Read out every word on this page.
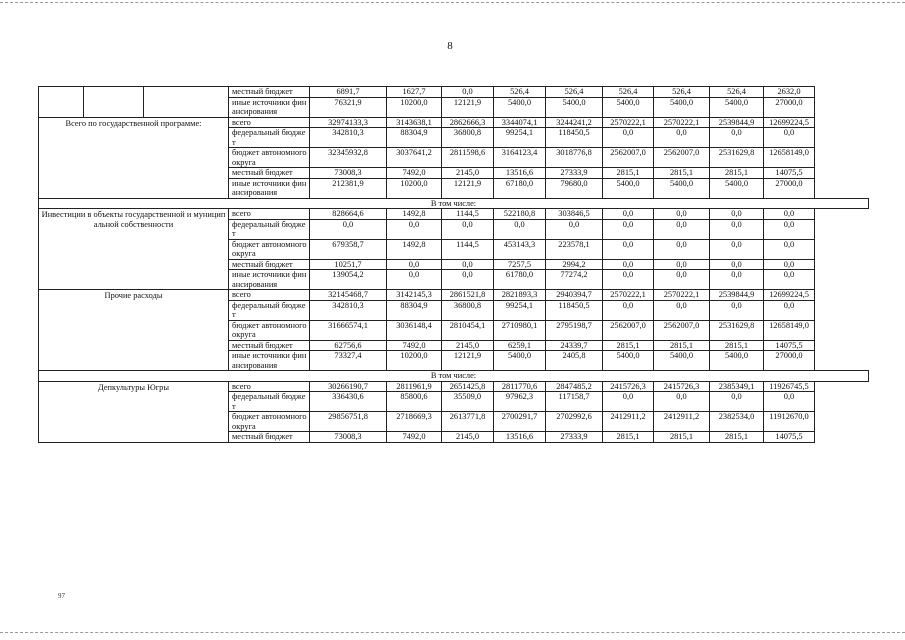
8
			местный бюджет	6891,7	1627,7	0,0	526,4	526,4	526,4	526,4	526,4	2632,0
			иные источники финансирования	76321,9	10200,0	12121,9	5400,0	5400,0	5400,0	5400,0	5400,0	27000,0
Всего по государственной программе:			всего	32974133,3	3143638,1	2862666,3	3344074,1	3244241,2	2570222,1	2570222,1	2539844,9	12699224,5
			федеральный бюджет	342810,3	88304,9	36800,8	99254,1	118450,5	0,0	0,0	0,0	0,0
			бюджет автономного округа	32345932,8	3037641,2	2811598,6	3164123,4	3018776,8	2562007,0	2562007,0	2531629,8	12658149,0
			местный бюджет	73008,3	7492,0	2145,0	13516,6	27333,9	2815,1	2815,1	2815,1	14075,5
			иные источники финансирования	212381,9	10200,0	12121,9	67180,0	79680,0	5400,0	5400,0	5400,0	27000,0
В том числе:												
Инвестиции в объекты государственной и муниципальной собственности			всего	828664,6	1492,8	1144,5	522180,8	303846,5	0,0	0,0	0,0	0,0
			федеральный бюджет	0,0	0,0	0,0	0,0	0,0	0,0	0,0	0,0	0,0
			бюджет автономного округа	679358,7	1492,8	1144,5	453143,3	223578,1	0,0	0,0	0,0	0,0
			местный бюджет	10251,7	0,0	0,0	7257,5	2994,2	0,0	0,0	0,0	0,0
			иные источники финансирования	139054,2	0,0	0,0	61780,0	77274,2	0,0	0,0	0,0	0,0
Прочие расходы			всего	32145468,7	3142145,3	2861521,8	2821893,3	2940394,7	2570222,1	2570222,1	2539844,9	12699224,5
			федеральный бюджет	342810,3	88304,9	36800,8	99254,1	118450,5	0,0	0,0	0,0	0,0
			бюджет автономного округа	31666574,1	3036148,4	2810454,1	2710980,1	2795198,7	2562007,0	2562007,0	2531629,8	12658149,0
			местный бюджет	62756,6	7492,0	2145,0	6259,1	24339,7	2815,1	2815,1	2815,1	14075,5
			иные источники финансирования	73327,4	10200,0	12121,9	5400,0	2405,8	5400,0	5400,0	5400,0	27000,0
В том числе:												
Депкультуры Югры			всего	30266190,7	2811961,9	2651425,8	2811770,6	2847485,2	2415726,3	2415726,3	2385349,1	11926745,5
			федеральный бюджет	336430,6	85800,6	35509,0	97962,3	117158,7	0,0	0,0	0,0	0,0
			бюджет автономного округа	29856751,8	2718669,3	2613771,8	2700291,7	2702992,6	2412911,2	2412911,2	2382534,0	11912670,0
			местный бюджет	73008,3	7492,0	2145,0	13516,6	27333,9	2815,1	2815,1	2815,1	14075,5
97
